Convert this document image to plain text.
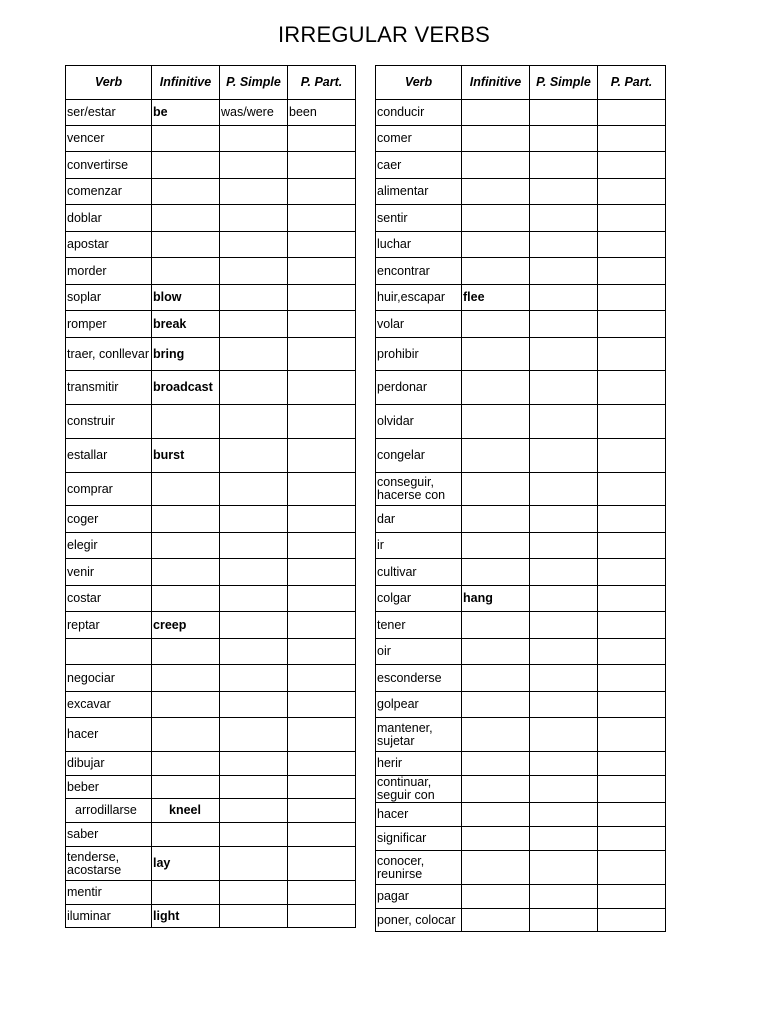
IRREGULAR VERBS
Verb	Infinitive	P. Simple	P. Part.
ser/estar	be	was/were	been
vencer			
convertirse			
comenzar			
doblar			
apostar			
morder			
soplar	blow		
romper	break		
traer, conllevar	bring		
transmitir	broadcast		
construir			
estallar	burst		
comprar			
coger			
elegir			
venir			
costar			
reptar	creep		

negociar			
excavar			
hacer			
dibujar			
beber			
arrodillarse	kneel		
saber			
tenderse, acostarse	lay		
mentir			
iluminar	light		
Verb	Infinitive	P. Simple	P. Part.
conducir			
comer			
caer			
alimentar			
sentir			
luchar			
encontrar			
huir,escapar	flee		
volar			
prohibir			
perdonar			
olvidar			
congelar			
conseguir, hacerse con			
dar			
ir			
cultivar			
colgar	hang		
tener			
oir			
esconderse			
golpear			
mantener, sujetar			
herir			
continuar, seguir con			
hacer			
significar			
conocer, reunirse			
pagar			
poner, colocar			
